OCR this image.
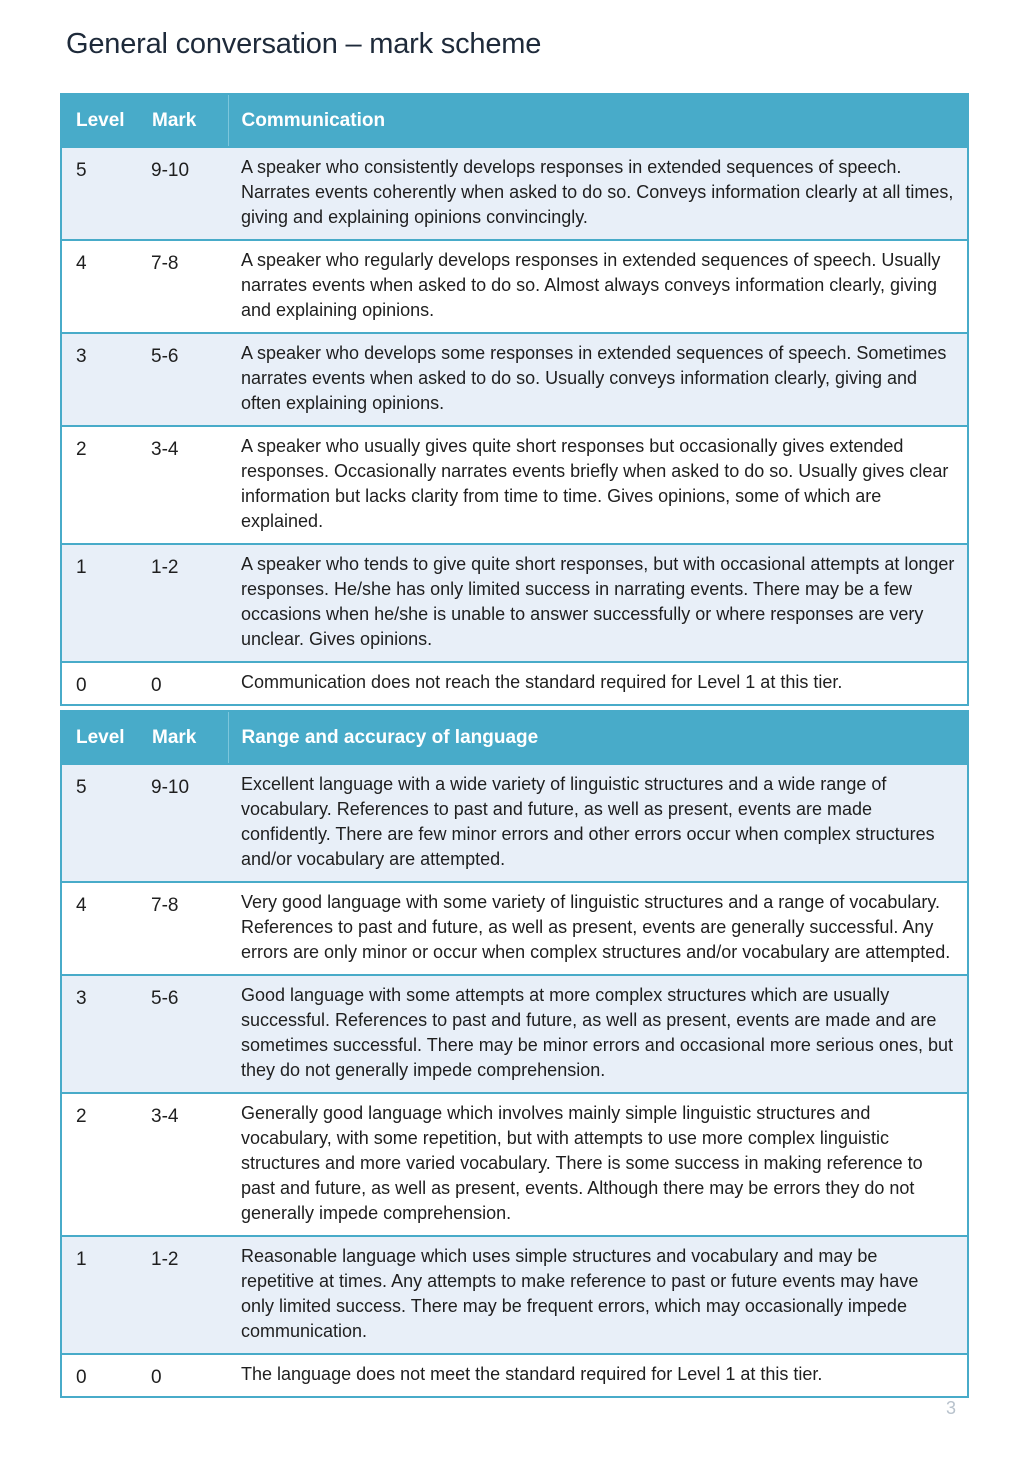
General conversation – mark scheme
Level	Mark	Communication
5	9-10	A speaker who consistently develops responses in extended sequences of speech. Narrates events coherently when asked to do so. Conveys information clearly at all times, giving and explaining opinions convincingly.
4	7-8	A speaker who regularly develops responses in extended sequences of speech. Usually narrates events when asked to do so. Almost always conveys information clearly, giving and explaining opinions.
3	5-6	A speaker who develops some responses in extended sequences of speech. Sometimes narrates events when asked to do so. Usually conveys information clearly, giving and often explaining opinions.
2	3-4	A speaker who usually gives quite short responses but occasionally gives extended responses. Occasionally narrates events briefly when asked to do so. Usually gives clear information but lacks clarity from time to time. Gives opinions, some of which are explained.
1	1-2	A speaker who tends to give quite short responses, but with occasional attempts at longer responses. He/she has only limited success in narrating events. There may be a few occasions when he/she is unable to answer successfully or where responses are very unclear. Gives opinions.
0	0	Communication does not reach the standard required for Level 1 at this tier.
Level	Mark	Range and accuracy of language
5	9-10	Excellent language with a wide variety of linguistic structures and a wide range of vocabulary. References to past and future, as well as present, events are made confidently. There are few minor errors and other errors occur when complex structures and/or vocabulary are attempted.
4	7-8	Very good language with some variety of linguistic structures and a range of vocabulary. References to past and future, as well as present, events are generally successful. Any errors are only minor or occur when complex structures and/or vocabulary are attempted.
3	5-6	Good language with some attempts at more complex structures which are usually successful. References to past and future, as well as present, events are made and are sometimes successful. There may be minor errors and occasional more serious ones, but they do not generally impede comprehension.
2	3-4	Generally good language which involves mainly simple linguistic structures and vocabulary, with some repetition, but with attempts to use more complex linguistic structures and more varied vocabulary. There is some success in making reference to past and future, as well as present, events. Although there may be errors they do not generally impede comprehension.
1	1-2	Reasonable language which uses simple structures and vocabulary and may be repetitive at times. Any attempts to make reference to past or future events may have only limited success. There may be frequent errors, which may occasionally impede communication.
0	0	The language does not meet the standard required for Level 1 at this tier.
3
